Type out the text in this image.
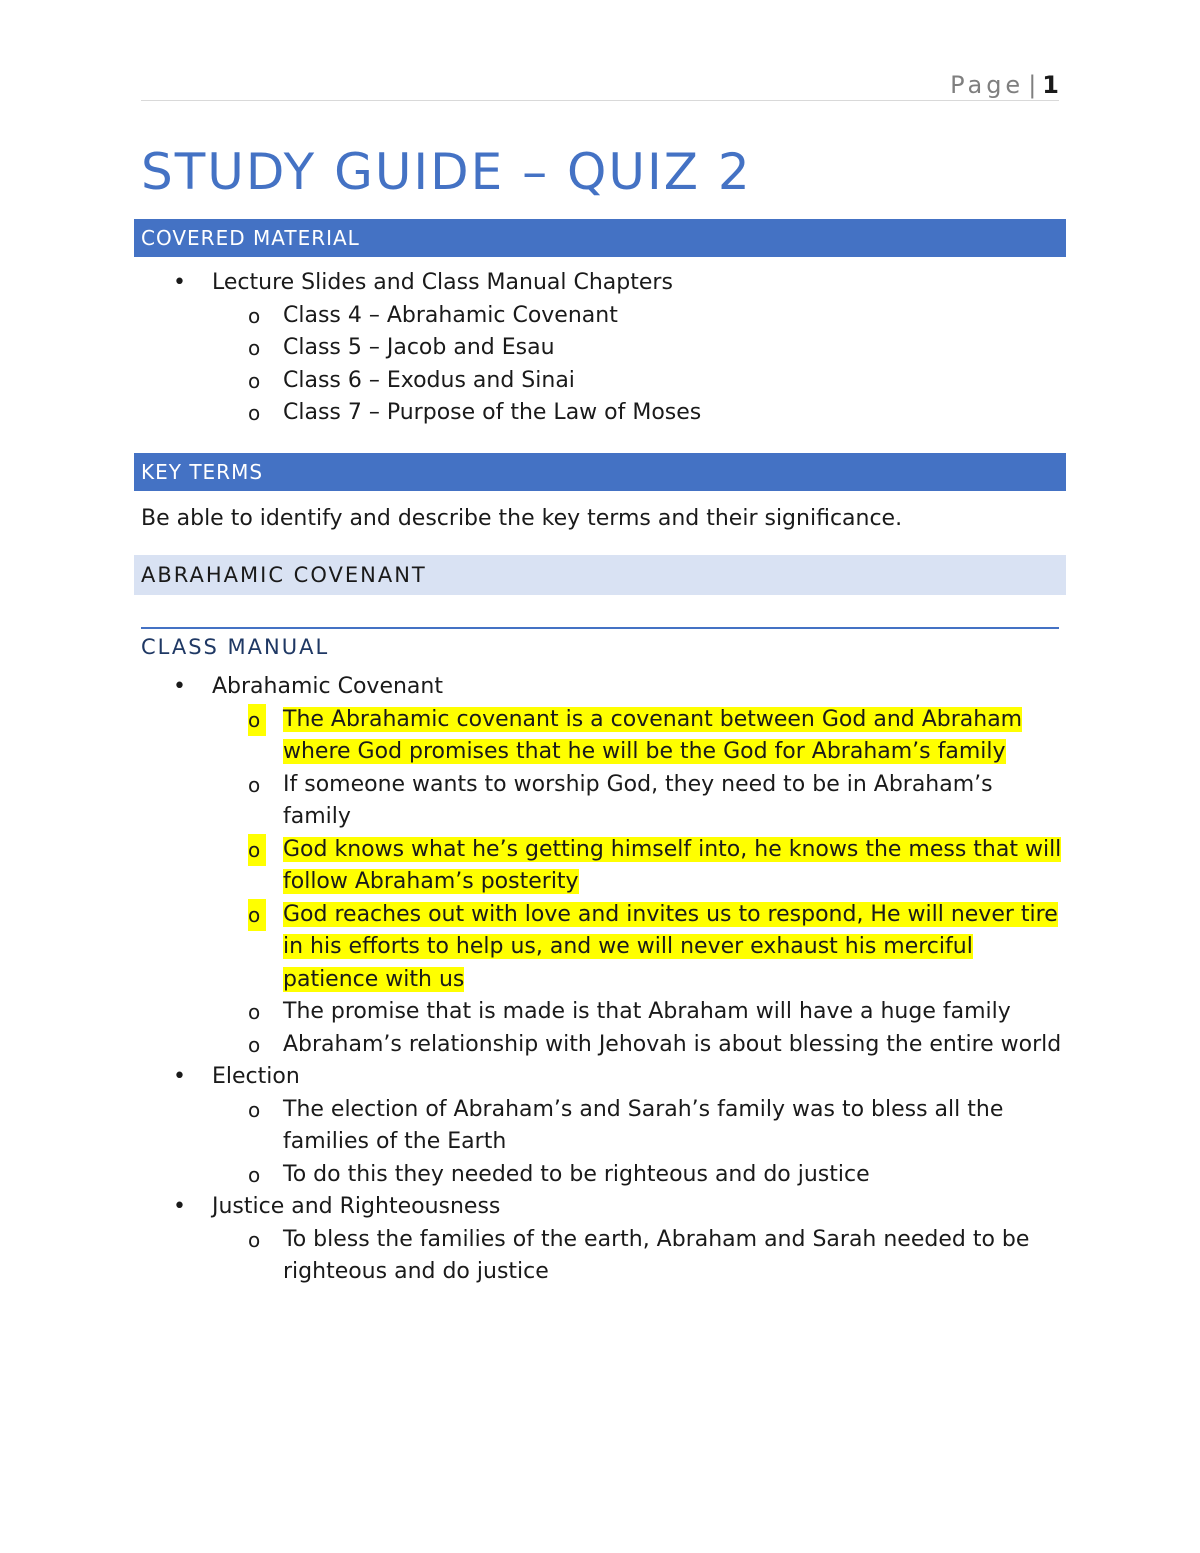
Page | 1
STUDY GUIDE – QUIZ 2
COVERED MATERIAL
• Lecture Slides and Class Manual Chapters
o Class 4 – Abrahamic Covenant
o Class 5 – Jacob and Esau
o Class 6 – Exodus and Sinai
o Class 7 – Purpose of the Law of Moses
KEY TERMS
Be able to identify and describe the key terms and their significance.
ABRAHAMIC COVENANT
CLASS MANUAL
• Abrahamic Covenant
o The Abrahamic covenant is a covenant between God and Abraham where God promises that he will be the God for Abraham’s family
o If someone wants to worship God, they need to be in Abraham’s family
o God knows what he’s getting himself into, he knows the mess that will follow Abraham’s posterity
o God reaches out with love and invites us to respond, He will never tire in his efforts to help us, and we will never exhaust his merciful patience with us
o The promise that is made is that Abraham will have a huge family
o Abraham’s relationship with Jehovah is about blessing the entire world
• Election
o The election of Abraham’s and Sarah’s family was to bless all the families of the Earth
o To do this they needed to be righteous and do justice
• Justice and Righteousness
o To bless the families of the earth, Abraham and Sarah needed to be righteous and do justice
